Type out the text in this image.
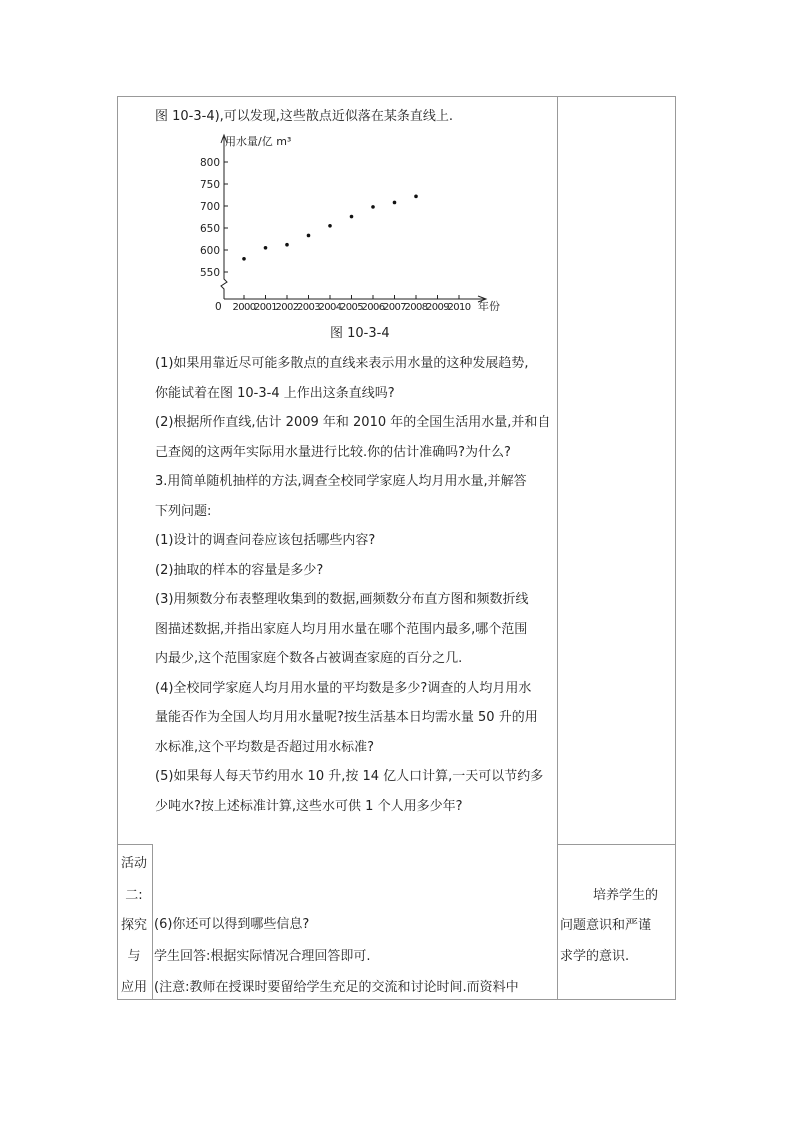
图 10-3-4),可以发现,这些散点近似落在某条直线上.
550
600
650
700
750
800
2000
2001
2002
2003
2004
2005
2006
2007
2008
2009
2010
用水量/亿 m³
年份
0
图 10-3-4
(1)如果用靠近尽可能多散点的直线来表示用水量的这种发展趋势,
你能试着在图 10-3-4 上作出这条直线吗?
(2)根据所作直线,估计 2009 年和 2010 年的全国生活用水量,并和自
己查阅的这两年实际用水量进行比较.你的估计准确吗?为什么?
3.用简单随机抽样的方法,调查全校同学家庭人均月用水量,并解答
下列问题:
(1)设计的调查问卷应该包括哪些内容?
(2)抽取的样本的容量是多少?
(3)用频数分布表整理收集到的数据,画频数分布直方图和频数折线
图描述数据,并指出家庭人均月用水量在哪个范围内最多,哪个范围
内最少,这个范围家庭个数各占被调查家庭的百分之几.
(4)全校同学家庭人均月用水量的平均数是多少?调查的人均月用水
量能否作为全国人均月用水量呢?按生活基本日均需水量 50 升的用
水标准,这个平均数是否超过用水标准?
(5)如果每人每天节约用水 10 升,按 14 亿人口计算,一天可以节约多
少吨水?按上述标准计算,这些水可供 1 个人用多少年?
(6)你还可以得到哪些信息?
学生回答:根据实际情况合理回答即可.
(注意:教师在授课时要留给学生充足的交流和讨论时间.而资料中
活动
二:
探究
与
应用
培养学生的
问题意识和严谨
求学的意识.
